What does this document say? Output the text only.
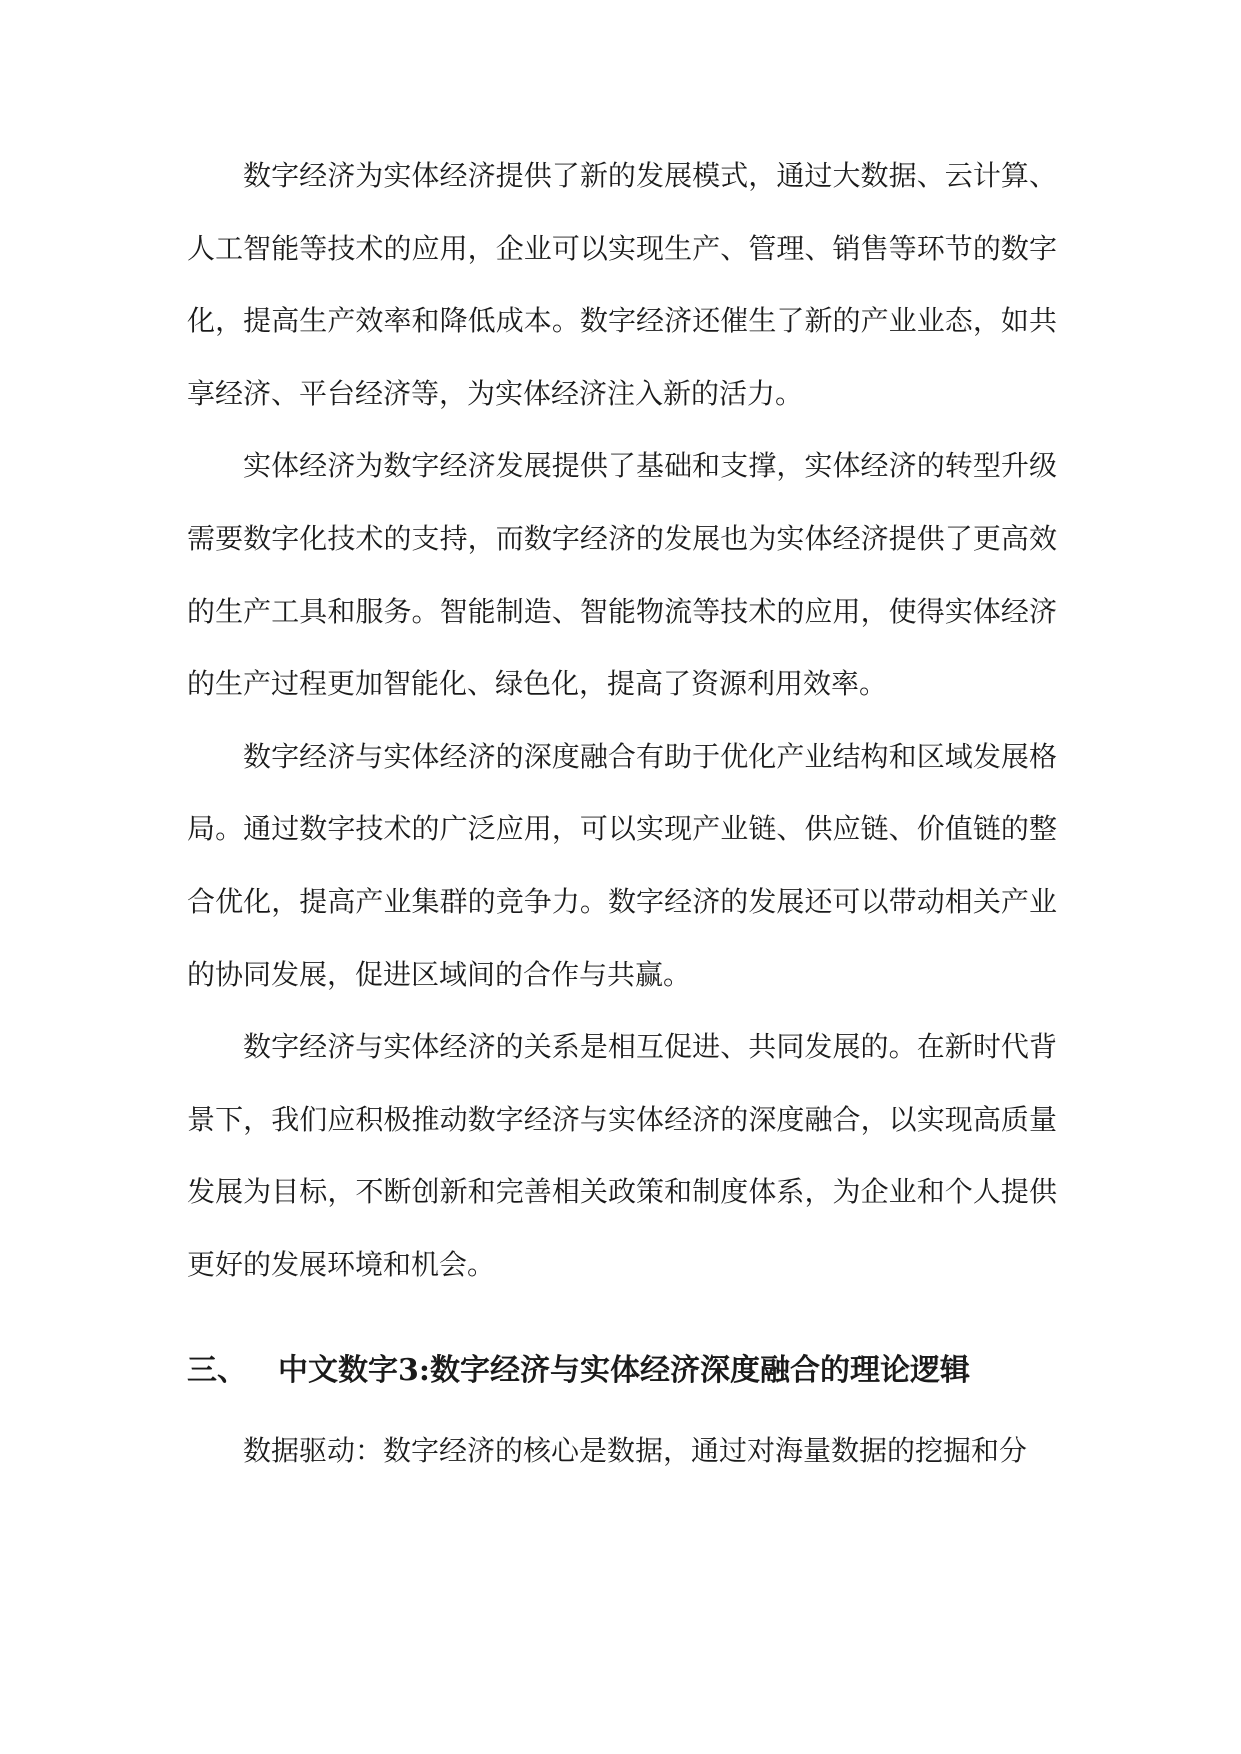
数字经济为实体经济提供了新的发展模式，通过大数据、云计算、人工智能等技术的应用，企业可以实现生产、管理、销售等环节的数字化，提高生产效率和降低成本。数字经济还催生了新的产业业态，如共享经济、平台经济等，为实体经济注入新的活力。

实体经济为数字经济发展提供了基础和支撑，实体经济的转型升级需要数字化技术的支持，而数字经济的发展也为实体经济提供了更高效的生产工具和服务。智能制造、智能物流等技术的应用，使得实体经济的生产过程更加智能化、绿色化，提高了资源利用效率。

数字经济与实体经济的深度融合有助于优化产业结构和区域发展格局。通过数字技术的广泛应用，可以实现产业链、供应链、价值链的整合优化，提高产业集群的竞争力。数字经济的发展还可以带动相关产业的协同发展，促进区域间的合作与共赢。

数字经济与实体经济的关系是相互促进、共同发展的。在新时代背景下，我们应积极推动数字经济与实体经济的深度融合，以实现高质量发展为目标，不断创新和完善相关政策和制度体系，为企业和个人提供更好的发展环境和机会。

三、 中文数字3:数字经济与实体经济深度融合的理论逻辑

数据驱动：数字经济的核心是数据，通过对海量数据的挖掘和分
